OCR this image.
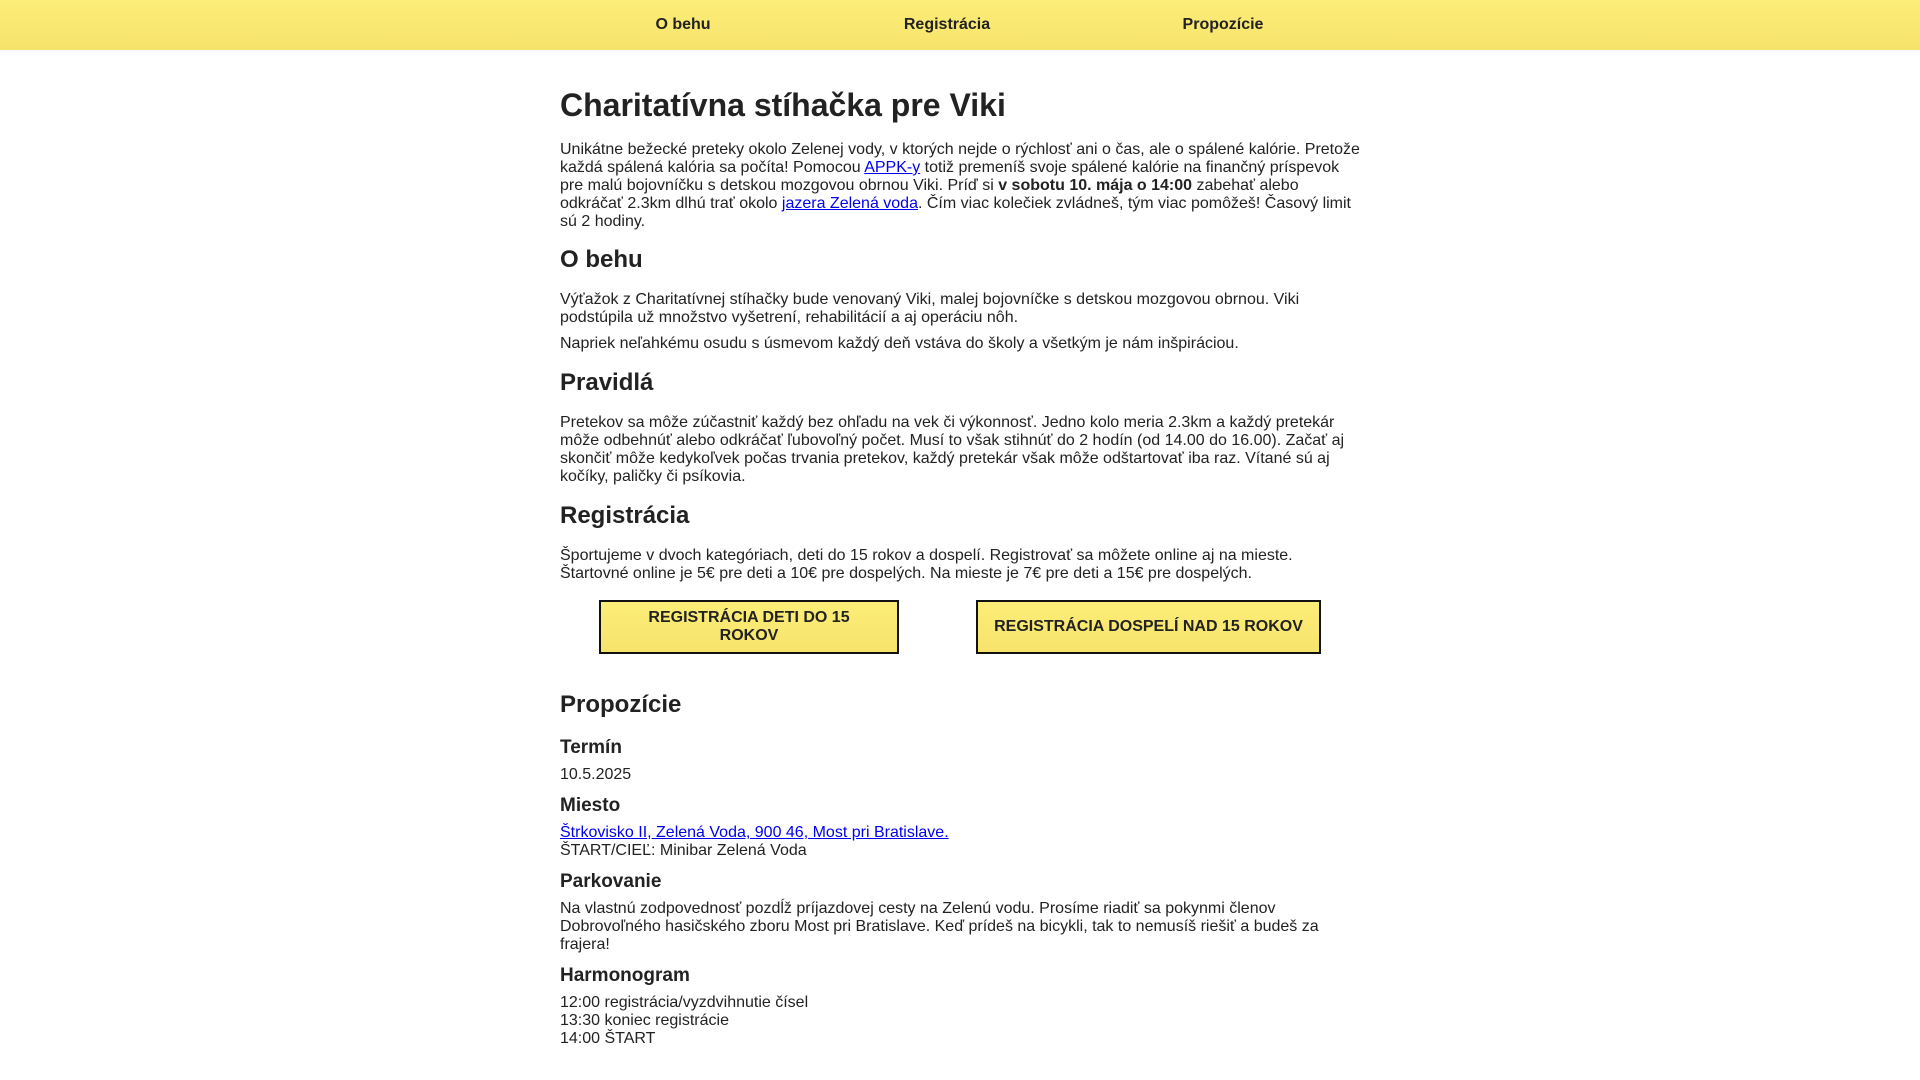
O behu	Registrácia	Propozície
Charitatívna stíhačka pre Viki

Unikátne bežecké preteky okolo Zelenej vody, v ktorých nejde o rýchlosť ani o čas, ale o spálené kalórie. Pretože každá spálená kalória sa počíta! Pomocou APPK-y totiž premeníš svoje spálené kalórie na finančný príspevok pre malú bojovníčku s detskou mozgovou obrnou Viki. Príď si v sobotu 10. mája o 14:00 zabehať alebo odkráčať 2.3km dlhú trať okolo jazera Zelená voda. Čím viac kolečiek zvládneš, tým viac pomôžeš! Časový limit sú 2 hodiny.

O behu

Výťažok z Charitatívnej stíhačky bude venovaný Viki, malej bojovníčke s detskou mozgovou obrnou. Viki podstúpila už množstvo vyšetrení, rehabilitácií a aj operáciu nôh.

Napriek neľahkému osudu s úsmevom každý deň vstáva do školy a všetkým je nám inšpiráciou.

Pravidlá

Pretekov sa môže zúčastniť každý bez ohľadu na vek či výkonnosť. Jedno kolo meria 2.3km a každý pretekár môže odbehnúť alebo odkráčať ľubovoľný počet. Musí to však stihnúť do 2 hodín (od 14.00 do 16.00). Začať aj skončiť môže kedykoľvek počas trvania pretekov, každý pretekár však môže odštartovať iba raz. Vítané sú aj kočíky, paličky či psíkovia.

Registrácia

Športujeme v dvoch kategóriach, deti do 15 rokov a dospelí. Registrovať sa môžete online aj na mieste. Štartovné online je 5€ pre deti a 10€ pre dospelých. Na mieste je 7€ pre deti a 15€ pre dospelých.

REGISTRÁCIA DETI DO 15 ROKOV
REGISTRÁCIA DOSPELÍ NAD 15 ROKOV
Propozície
Termín

10.5.2025

Miesto

Štrkovisko II, Zelená Voda, 900 46, Most pri Bratislave.
ŠTART/CIEĽ: Minibar Zelená Voda

Parkovanie

Na vlastnú zodpovednosť pozdĺž príjazdovej cesty na Zelenú vodu. Prosíme riadiť sa pokynmi členov Dobrovoľného hasičského zboru Most pri Bratislave. Keď prídeš na bicykli, tak to nemusíš riešiť a budeš za frajera!

Harmonogram

12:00 registrácia/vyzdvihnutie čísel
13:30 koniec registrácie
14:00 ŠTART
